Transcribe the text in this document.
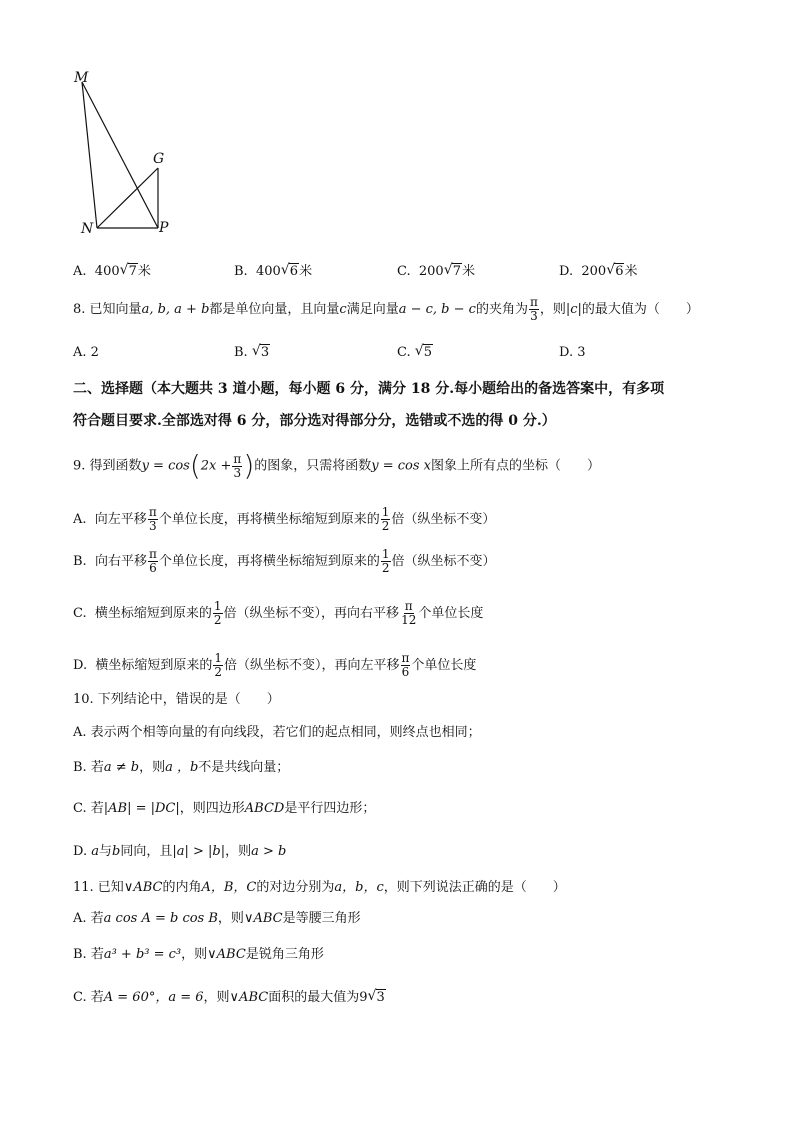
M
G
N	P
A. 400 √ 7米	B. 400 √ 6米	C. 200 √ 7米	D. 200 √ 6米
8. 已知向量a, b, a + b都是单位向量，且向量c满足向量a − c, b − c的夹角为 $\frac{\pi}{3}$ ，则|c|的最大值为（　　）
A. 2	B. √ 3	C. √ 5	D. 3
二、选择题（本大题共 3 道小题，每小题 6 分，满分 18 分.每小题给出的备选答案中，有多项
符合题目要求.全部选对得 6 分，部分选对得部分分，选错或不选的得 0 分.）
9. 得到函数$y = \cos(2x + \frac{\pi}{3}$ )的图象，只需将函数y = cos x图象上所有点的坐标（　　）
A. 向左平移 $\frac{\pi}{3}$ 个单位长度，再将横坐标缩短到原来的 $\frac{1}{2}$ 倍（纵坐标不变）
B. 向右平移 $\frac{\pi}{6}$ 个单位长度，再将横坐标缩短到原来的 $\frac{1}{2}$ 倍（纵坐标不变）
C. 横坐标缩短到原来的 $\frac{1}{2}$ 倍（纵坐标不变），再向右平移 $\frac{\pi}{12}$ 个单位长度
D. 横坐标缩短到原来的 $\frac{1}{2}$ 倍（纵坐标不变），再向左平移 $\frac{\pi}{6}$ 个单位长度
10. 下列结论中，错误的是（　　）
A. 表示两个相等向量的有向线段，若它们的起点相同，则终点也相同；
B. 若a ≠ b，则a ，b不是共线向量；
C. 若|AB| = |DC|，则四边形ABCD是平行四边形；
D. a与b同向，且|a| > |b|，则a > b
11. 已知∨ABC的内角A，B，C的对边分别为a，b，c，则下列说法正确的是（　　）
A. 若a cos A = b cos B，则∨ABC是等腰三角形
B. 若a³ + b³ = c³，则∨ABC是锐角三角形
C. 若A = 60°，a = 6，则∨ABC面积的最大值为9 √ 3
